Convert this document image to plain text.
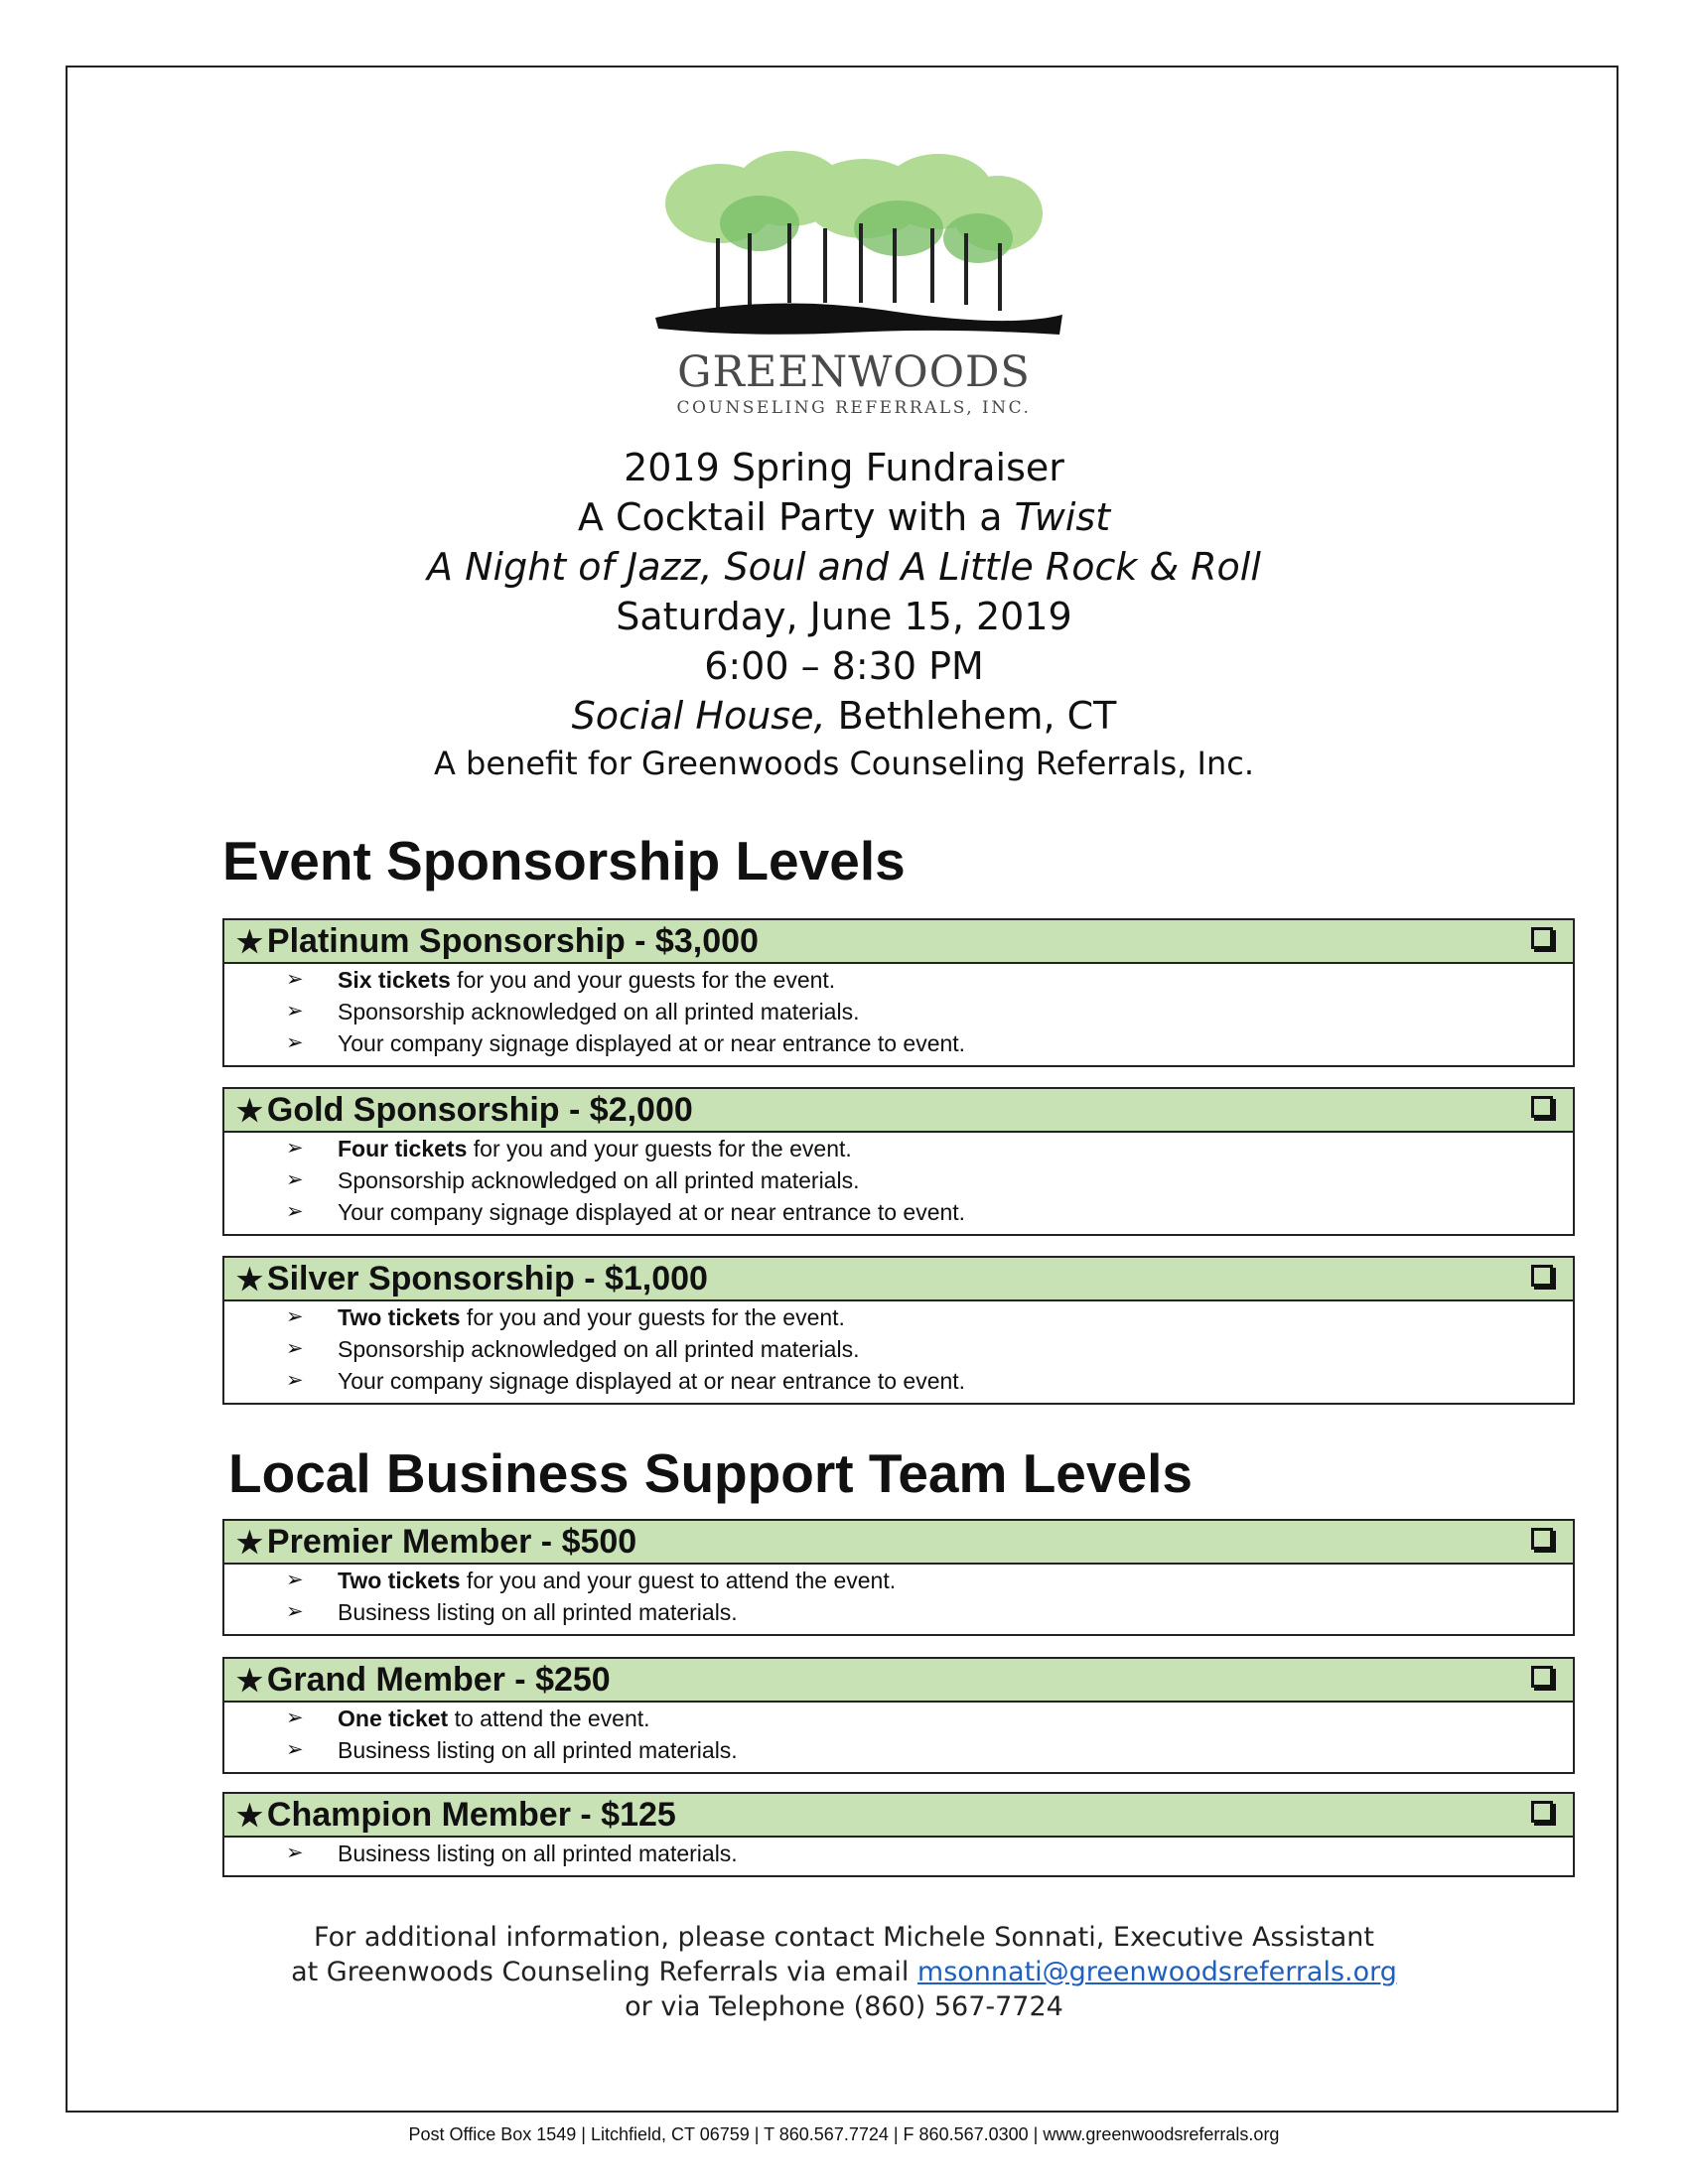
GREENWOODS
COUNSELING REFERRALS, INC.
2019 Spring Fundraiser
A Cocktail Party with a Twist
A Night of Jazz, Soul and A Little Rock & Roll
Saturday, June 15, 2019
6:00 – 8:30 PM
Social House, Bethlehem, CT
A benefit for Greenwoods Counseling Referrals, Inc.
Event Sponsorship Levels
★ Platinum Sponsorship - $3,000
➢ Six tickets for you and your guests for the event.
➢ Sponsorship acknowledged on all printed materials.
➢ Your company signage displayed at or near entrance to event.
★ Gold Sponsorship - $2,000
➢ Four tickets for you and your guests for the event.
➢ Sponsorship acknowledged on all printed materials.
➢ Your company signage displayed at or near entrance to event.
★ Silver Sponsorship - $1,000
➢ Two tickets for you and your guests for the event.
➢ Sponsorship acknowledged on all printed materials.
➢ Your company signage displayed at or near entrance to event.
★ Premier Member - $500
➢ Two tickets for you and your guest to attend the event.
➢ Business listing on all printed materials.
★ Grand Member - $250
➢ One ticket to attend the event.
➢ Business listing on all printed materials.
★ Champion Member - $125
➢ Business listing on all printed materials.
Local Business Support Team Levels
For additional information, please contact Michele Sonnati, Executive Assistant
at Greenwoods Counseling Referrals via email msonnati@greenwoodsreferrals.org
or via Telephone (860) 567-7724
Post Office Box 1549 | Litchfield, CT 06759 | T 860.567.7724 | F 860.567.0300 | www.greenwoodsreferrals.org
